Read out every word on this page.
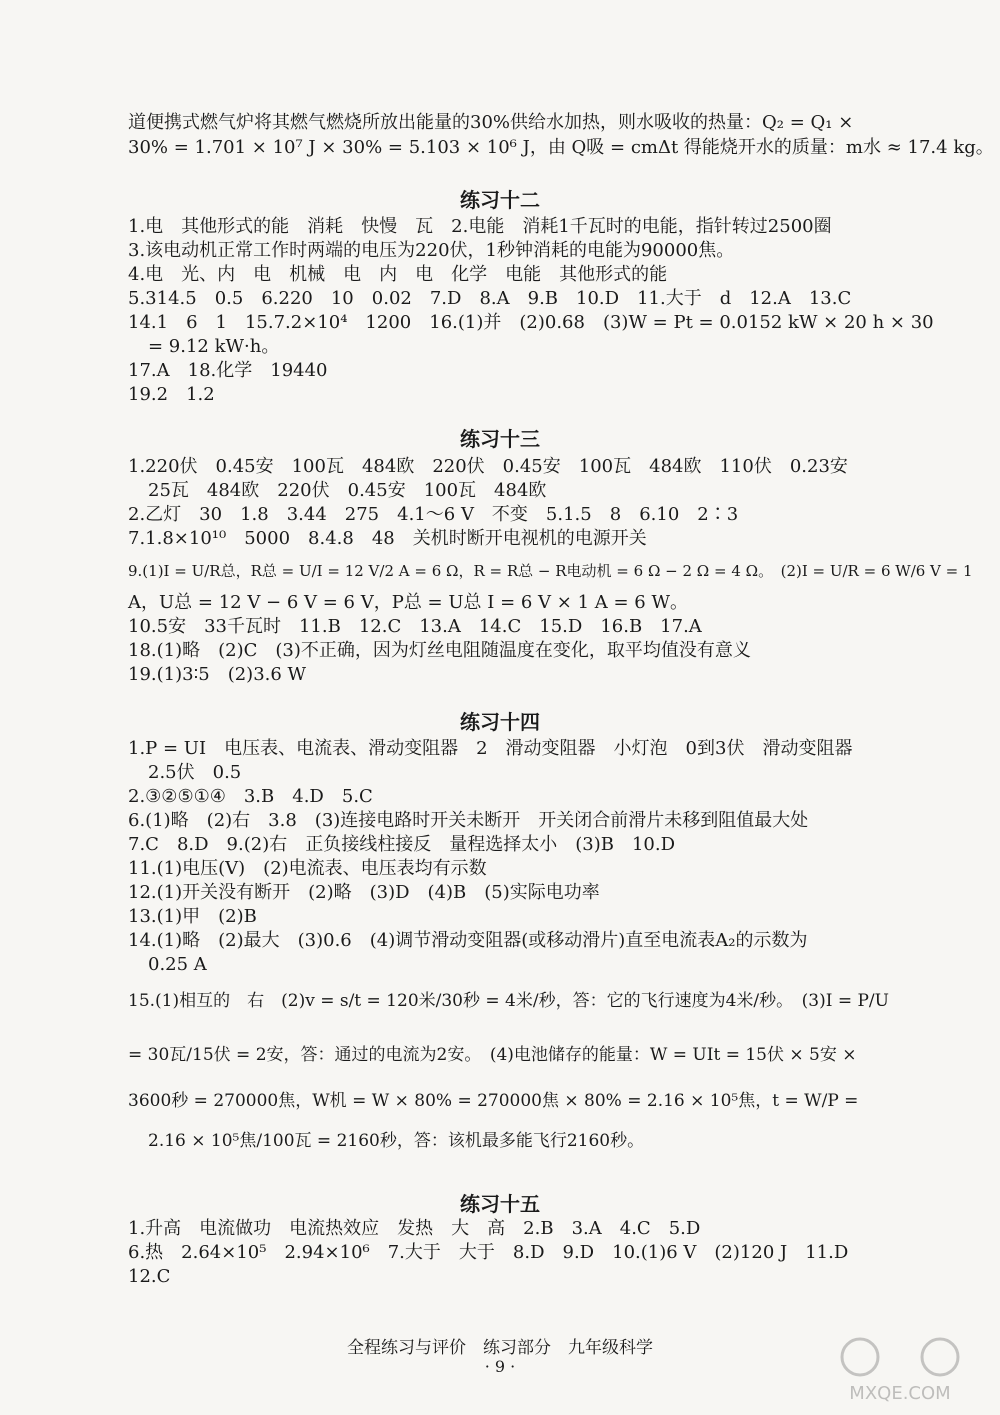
道便携式燃气炉将其燃气燃烧所放出能量的30%供给水加热，则水吸收的热量：Q₂ = Q₁ ×
30% = 1.701 × 10⁷ J × 30% = 5.103 × 10⁶ J，由 Q吸 = cmΔt 得能烧开水的质量：m水 ≈ 17.4 kg。
练习十二
1.电　其他形式的能　消耗　快慢　瓦　2.电能　消耗1千瓦时的电能，指针转过2500圈
3.该电动机正常工作时两端的电压为220伏，1秒钟消耗的电能为90000焦。
4.电　光、内　电　机械　电　内　电　化学　电能　其他形式的能
5.314.5　0.5　6.220　10　0.02　7.D　8.A　9.B　10.D　11.大于　d　12.A　13.C
14.1　6　1　15.7.2×10⁴　1200　16.(1)并　(2)0.68　(3)W = Pt = 0.0152 kW × 20 h × 30
= 9.12 kW·h。
17.A　18.化学　19440
19.2　1.2
练习十三
1.220伏　0.45安　100瓦　484欧　220伏　0.45安　100瓦　484欧　110伏　0.23安
25瓦　484欧　220伏　0.45安　100瓦　484欧
2.乙灯　30　1.8　3.44　275　4.1～6 V　不变　5.1.5　8　6.10　2∶3
7.1.8×10¹⁰　5000　8.4.8　48　关机时断开电视机的电源开关
9.(1)I = U/R总，R总 = U/I = 12 V/2 A = 6 Ω，R = R总 − R电动机 = 6 Ω − 2 Ω = 4 Ω。　(2)I = U/R = 6 W/6 V = 1
A，U总 = 12 V − 6 V = 6 V，P总 = U总 I = 6 V × 1 A = 6 W。
10.5安　33千瓦时　11.B　12.C　13.A　14.C　15.D　16.B　17.A
18.(1)略　(2)C　(3)不正确，因为灯丝电阻随温度在变化，取平均值没有意义
19.(1)3∶5　(2)3.6 W
练习十四
1.P = UI　电压表、电流表、滑动变阻器　2　滑动变阻器　小灯泡　0到3伏　滑动变阻器
2.5伏　0.5
2.③②⑤①④　3.B　4.D　5.C
6.(1)略　(2)右　3.8　(3)连接电路时开关未断开　开关闭合前滑片未移到阻值最大处
7.C　8.D　9.(2)右　正负接线柱接反　量程选择太小　(3)B　10.D
11.(1)电压(V)　(2)电流表、电压表均有示数
12.(1)开关没有断开　(2)略　(3)D　(4)B　(5)实际电功率
13.(1)甲　(2)B
14.(1)略　(2)最大　(3)0.6　(4)调节滑动变阻器(或移动滑片)直至电流表A₂的示数为
0.25 A
15.(1)相互的　右　(2)v = s/t = 120米/30秒 = 4米/秒，答：它的飞行速度为4米/秒。　(3)I = P/U
= 30瓦/15伏 = 2安，答：通过的电流为2安。　(4)电池储存的能量：W = UIt = 15伏 × 5安 ×
3600秒 = 270000焦，W机 = W × 80% = 270000焦 × 80% = 2.16 × 10⁵焦，t = W/P =
2.16 × 10⁵焦/100瓦 = 2160秒，答：该机最多能飞行2160秒。
练习十五
1.升高　电流做功　电流热效应　发热　大　高　2.B　3.A　4.C　5.D
6.热　2.64×10⁵　2.94×10⁶　7.大于　大于　8.D　9.D　10.(1)6 V　(2)120 J　11.D
12.C
全程练习与评价　练习部分　九年级科学
· 9 ·
MXQE.COM
